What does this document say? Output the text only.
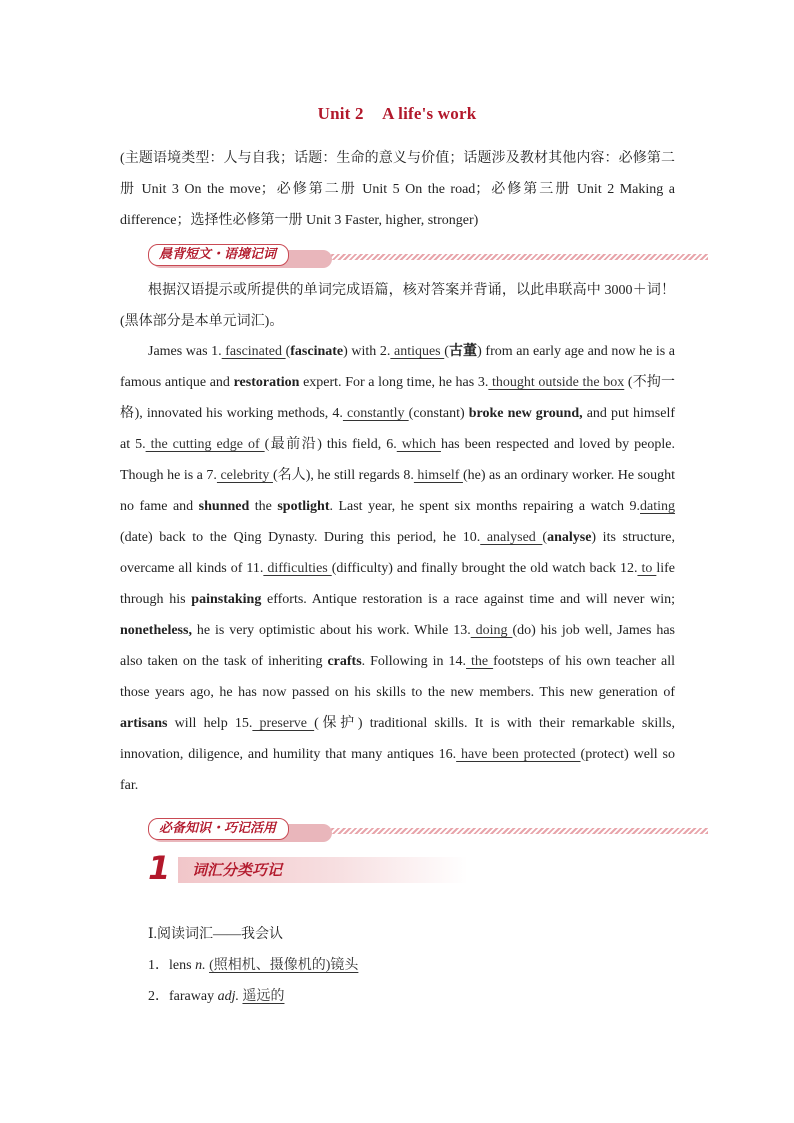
Unit 2 A life's work
(主题语境类型：人与自我；话题：生命的意义与价值；话题涉及教材其他内容：必修第二册 Unit 3 On the move；必修第二册 Unit 5 On the road；必修第三册 Unit 2 Making a difference；选择性必修第一册 Unit 3 Faster, higher, stronger)
晨背短文・语境记词
根据汉语提示或所提供的单词完成语篇，核对答案并背诵，以此串联高中 3000＋词！(黑体部分是本单元词汇)。
James was 1. fascinated (fascinate) with 2. antiques (古董) from an early age and now he is a famous antique and restoration expert. For a long time, he has 3. thought outside the box (不拘一格), innovated his working methods, 4. constantly (constant) broke new ground, and put himself at 5. the cutting edge of (最前沿) this field, 6. which has been respected and loved by people. Though he is a 7. celebrity (名人), he still regards 8. himself (he) as an ordinary worker. He sought no fame and shunned the spotlight. Last year, he spent six months repairing a watch 9.dating (date) back to the Qing Dynasty. During this period, he 10. analysed (analyse) its structure, overcame all kinds of 11. difficulties (difficulty) and finally brought the old watch back 12. to life through his painstaking efforts. Antique restoration is a race against time and will never win; nonetheless, he is very optimistic about his work. While 13. doing (do) his job well, James has also taken on the task of inheriting crafts. Following in 14. the footsteps of his own teacher all those years ago, he has now passed on his skills to the new members. This new generation of artisans will help 15. preserve (保护) traditional skills. It is with their remarkable skills, innovation, diligence, and humility that many antiques 16. have been protected (protect) well so far.
必备知识・巧记活用
1 词汇分类巧记
Ⅰ.阅读词汇——我会认
1．lens n. (照相机、摄像机的)镜头
2．faraway adj. 遥远的
